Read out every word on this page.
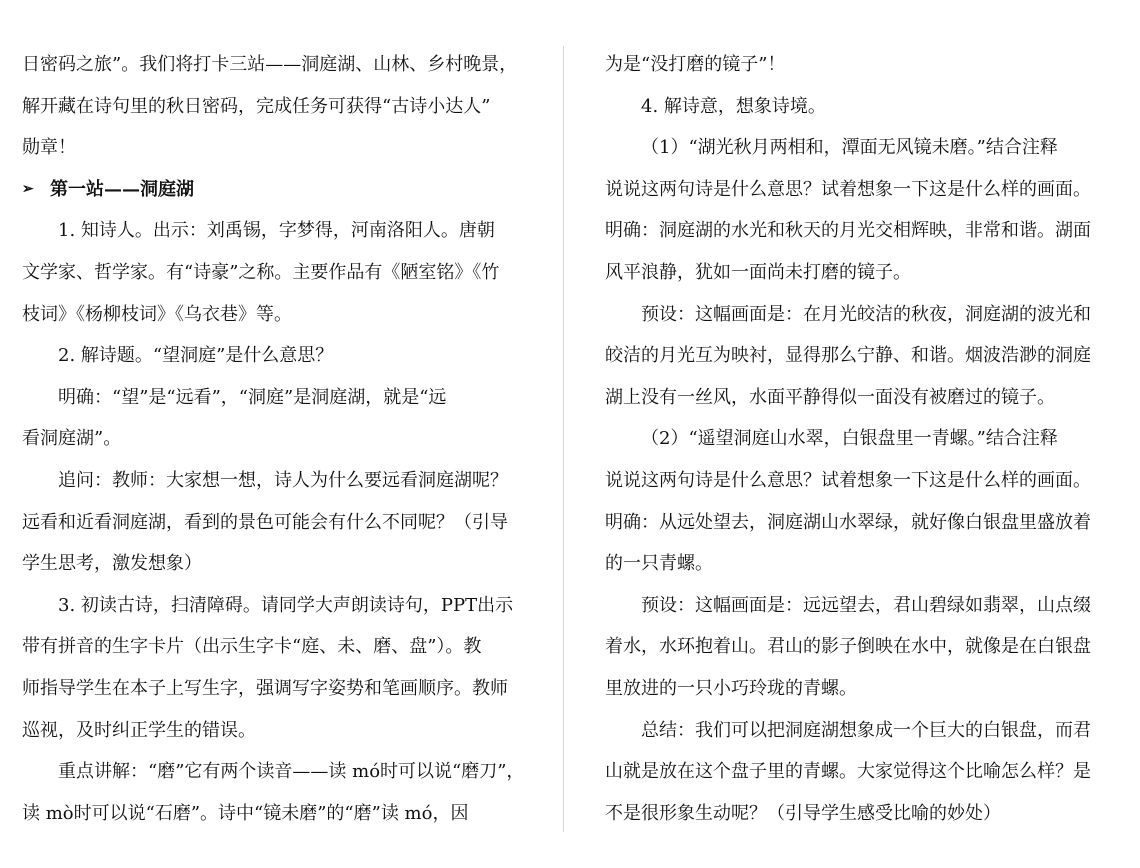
日密码之旅”。我们将打卡三站——洞庭湖、山林、乡村晚景，
解开藏在诗句里的秋日密码，完成任务可获得“古诗小达人”
勋章！
➢ 第一站——洞庭湖
1. 知诗人。出示：刘禹锡，字梦得，河南洛阳人。唐朝
文学家、哲学家。有“诗豪”之称。主要作品有《陋室铭》《竹
枝词》《杨柳枝词》《乌衣巷》等。
2. 解诗题。“望洞庭”是什么意思？
明确：“望”是“远看”，“洞庭”是洞庭湖，就是“远
看洞庭湖”。
追问：教师：大家想一想，诗人为什么要远看洞庭湖呢？
远看和近看洞庭湖，看到的景色可能会有什么不同呢？（引导
学生思考，激发想象）
3. 初读古诗，扫清障碍。请同学大声朗读诗句，PPT出示
带有拼音的生字卡片（出示生字卡“庭、未、磨、盘”）。教
师指导学生在本子上写生字，强调写字姿势和笔画顺序。教师
巡视，及时纠正学生的错误。
重点讲解：“磨”它有两个读音——读 mó时可以说“磨刀”，
读 mò时可以说“石磨”。诗中“镜未磨”的“磨”读 mó，因
为是“没打磨的镜子”！
4. 解诗意，想象诗境。
（1）“湖光秋月两相和，潭面无风镜未磨。”结合注释
说说这两句诗是什么意思？试着想象一下这是什么样的画面。
明确：洞庭湖的水光和秋天的月光交相辉映，非常和谐。湖面
风平浪静，犹如一面尚未打磨的镜子。
预设：这幅画面是：在月光皎洁的秋夜，洞庭湖的波光和
皎洁的月光互为映衬，显得那么宁静、和谐。烟波浩渺的洞庭
湖上没有一丝风，水面平静得似一面没有被磨过的镜子。
（2）“遥望洞庭山水翠，白银盘里一青螺。”结合注释
说说这两句诗是什么意思？试着想象一下这是什么样的画面。
明确：从远处望去，洞庭湖山水翠绿，就好像白银盘里盛放着
的一只青螺。
预设：这幅画面是：远远望去，君山碧绿如翡翠，山点缀
着水，水环抱着山。君山的影子倒映在水中，就像是在白银盘
里放进的一只小巧玲珑的青螺。
总结：我们可以把洞庭湖想象成一个巨大的白银盘，而君
山就是放在这个盘子里的青螺。大家觉得这个比喻怎么样？是
不是很形象生动呢？（引导学生感受比喻的妙处）
